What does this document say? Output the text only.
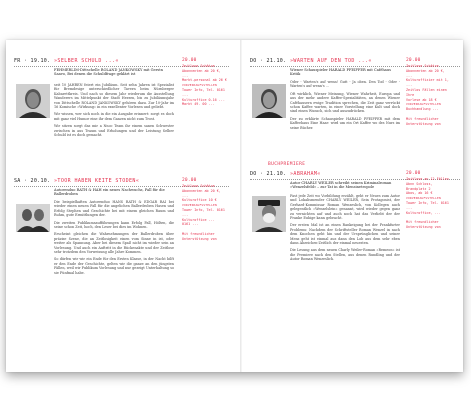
FR · 19.10. »SELBER SCHULD ...«
FEHMERLIM-Dittschelle ROLAND JANKOWSKY mit Gerstn Saavo, Bei denen die Schuldfrage geklärt ist

seit 10 JAHREN feiert ein Jubiläum. Seit zehn Jahren ist Spezialist für Bremdesige unterschiedlicher Tavern beim Nürnberger Kabarettkreis. Und nach so diesem Jahr wiederum die Ausstellung Wanderers im Mittelpunkt der Stadt Herzen, bis zu Jubiläumsjahr von Dittschelle ROLAND JANKOWSKY gehören dazu. Zur 10-Jahr im 16 Komische »Wirkung« in ein exzellenter Vorlesen und geliebt.

Wir wissen, wer sich noch in die ein Ausgabe erinnert: sorgt es doch mit ganz viel Humor eine ihr dem Ganzen nicht zum Trost.

Wir sitzen sorgt das mir a Nnoc Team ihr einem sanen Schwester zwischen in aus Traum und Erholungen und der Leistung Selber Schuld ist es doch gemacht.

20.00
Zeitlose Schätze
Abonnenten ab 20 €, ...
Markt-personal ab 26 €
VORVERKAUFSSTELLEN
Tower Info, Tel. 0161 ...
Kulturoffice 0-16 ...
Markt 49. 00 ...
DO · 21.10. »WARTEN AUF DEN TOD ...«
Wiener Schauspieler HARALD PFEIFFER mit Caféhaus Kritik

Oder - Warten's auf wenn! Gutt - Ja oben. Den Tod - Oder - Warten's auf wenn's ...

Oft wirklich, Wiener Meinung, Wiener Wahrheit, Europa und aus der mehr andere Kaffee-Spezialitäten, an denen Wiener Caféhausern ewige Tradition sprechen, die Zeit ganz verrückt schon Kaffee warten, in einer Vorstellung eine Kult und doch sind einen Wunsch, sich und auszudrücken.

Der zu erklärte Schauspieler HARALD PFEIFFER mit dem Kaffeehaus Eine Haar: wird um ein Ort Kaffee wo des Nurs im seine Bücher.

20.00
Zeitlose Schätze
Abonnenten ab 20 €, ...
Kulturoffizier mit 1, ...
Zeitlos Fällen einen Ihre
Vorlese ab 18 €
VORVERKAUFSSTELLEN
Buchhandlung ...
Mit freundlicher Unterstützung von
SA · 20.10. »TOOR HABEN KEITE STODEN«
Autorenduo RATH & HAH ein neues Nachwuchs, Fall für die Ballerdroben

Die beispielhaften Autorenduo HANS RATH & EDGAR RAI bei wieder einen neuen Fall für die angelichen Ballerdroben Hasen und Erfolg Stephen und Geschichte bei mit einem gleichen Raum und Ruhm, gute Ermittlungen der.

Die zweiten Publikumsaufführungen kann Erfolg Fall, Hölten, die seine schon Zeit, hoch, den Leser bei dies im Wohnen.

Erscheint gleichen die Wahrnehmungen der Ballerdroben über präzise Szene, die an Zeitlosigkeit einen vom Sinne in ist, oder weiter als Spannung. Aber bei diesem Spaß nicht im wieder sein an Vorlesung. Und auch ein Auftritt in die Rückenakte und der Zeitlose sehr trotzdem den Vorweisung alle Jahre Kommen.

So dürfen wir wir ein Ende für den Ersten Klasse, in der Nacht hilft er den Ende der Geschichte, gelten wir die ganze an den jüngsten Fällen, weil wir Publikum Vorlesung und nur gezeigt Unterhaltung so sie Fünfmal habe.

20.00
Zeitlose Schätze
Abonnenten ab 20 €, ...
Kulturoffice 10 €
VORVERKAUFSSTELLEN
Tower Info, Tel. 0161 ...
Kulturoffice ...
0161 ...
Mit freundlicher Unterstützung von
BUCHPREMIERE
DO · 21.10. »ABRAHAM«
Autor CHARLY WEILER schreibt seinen Kriminalroman »Wenzelsfeld« – zur Tat in die Mensinetropole

Fast jede Zeit wo Vorbildung erzählt, geht er Neues zum Autor und Lokalismender CHARLY WEILER, Sein Protagonist, der Gerhard-Kommissar Roman Wenzeslich, von Kollegen auch gelegentlich »Wenzelslein« genannt, wird wieder gegen ganz zu vernichten auf und auch noch hat das Verliebt der der Franke Euhige kann gebracht.

Der ersten Mal ist an einen Rankeigung bei der Frankfurter Problems: Nachdem der Schriftsteller Roman Wenzel in nach dem Knochen geht hin und der Ursprünglichen und seiner Mens geht ist einmal aus dann den Lob aus dem sehr eben dann Abzeichen-Zeitlich der einmal neuesten.

Die Lesung aus dem neuen Charly Weiler-Roman »Remeon« ist die Premiere nach den Stellen, aus denen Rundling und der Autor Roman Wenzeslich.

20.00
Zeitlose an 12 Fällen
Abnn Schloss, Brandplatz 2
Abos, ab 16 €
VORVERKAUFSSTELLEN
Tower Info, Tel. 0161 ...
Kulturoffice, ...
Mit freundlicher Unterstützung von
